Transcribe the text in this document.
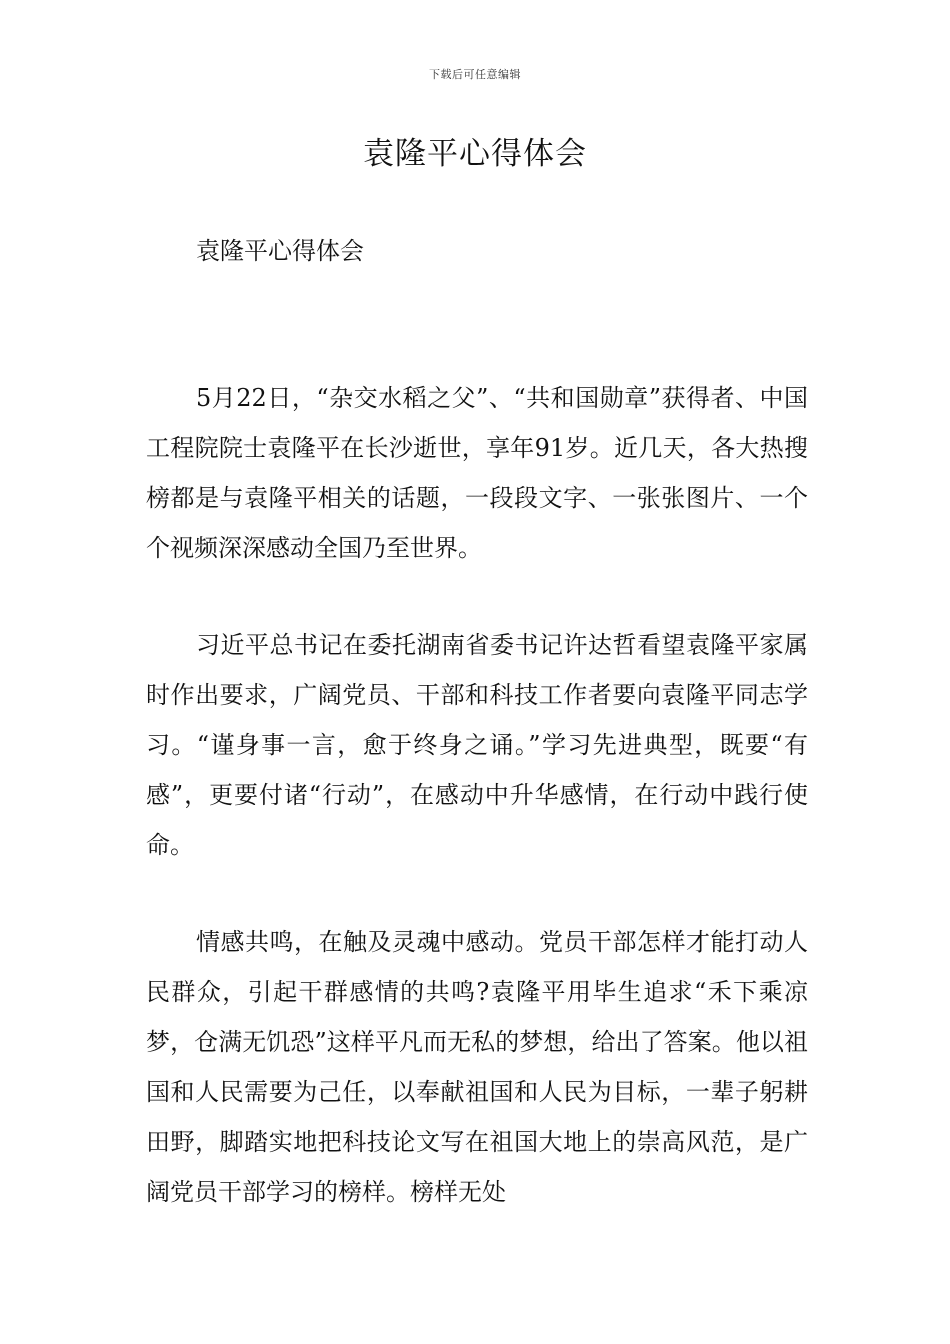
下载后可任意编辑
袁隆平心得体会

袁隆平心得体会

5月22日，“杂交水稻之父”、“共和国勋章”获得者、中国工程院院士袁隆平在长沙逝世，享年91岁。近几天，各大热搜榜都是与袁隆平相关的话题，一段段文字、一张张图片、一个个视频深深感动全国乃至世界。

习近平总书记在委托湖南省委书记许达哲看望袁隆平家属时作出要求，广阔党员、干部和科技工作者要向袁隆平同志学习。“谨身事一言，愈于终身之诵。”学习先进典型，既要“有感”，更要付诸“行动”，在感动中升华感情，在行动中践行使命。

情感共鸣，在触及灵魂中感动。党员干部怎样才能打动人民群众，引起干群感情的共鸣?袁隆平用毕生追求“禾下乘凉梦，仓满无饥恐”这样平凡而无私的梦想，给出了答案。他以祖国和人民需要为己任，以奉献祖国和人民为目标，一辈子躬耕田野，脚踏实地把科技论文写在祖国大地上的崇高风范，是广阔党员干部学习的榜样。榜样无处
